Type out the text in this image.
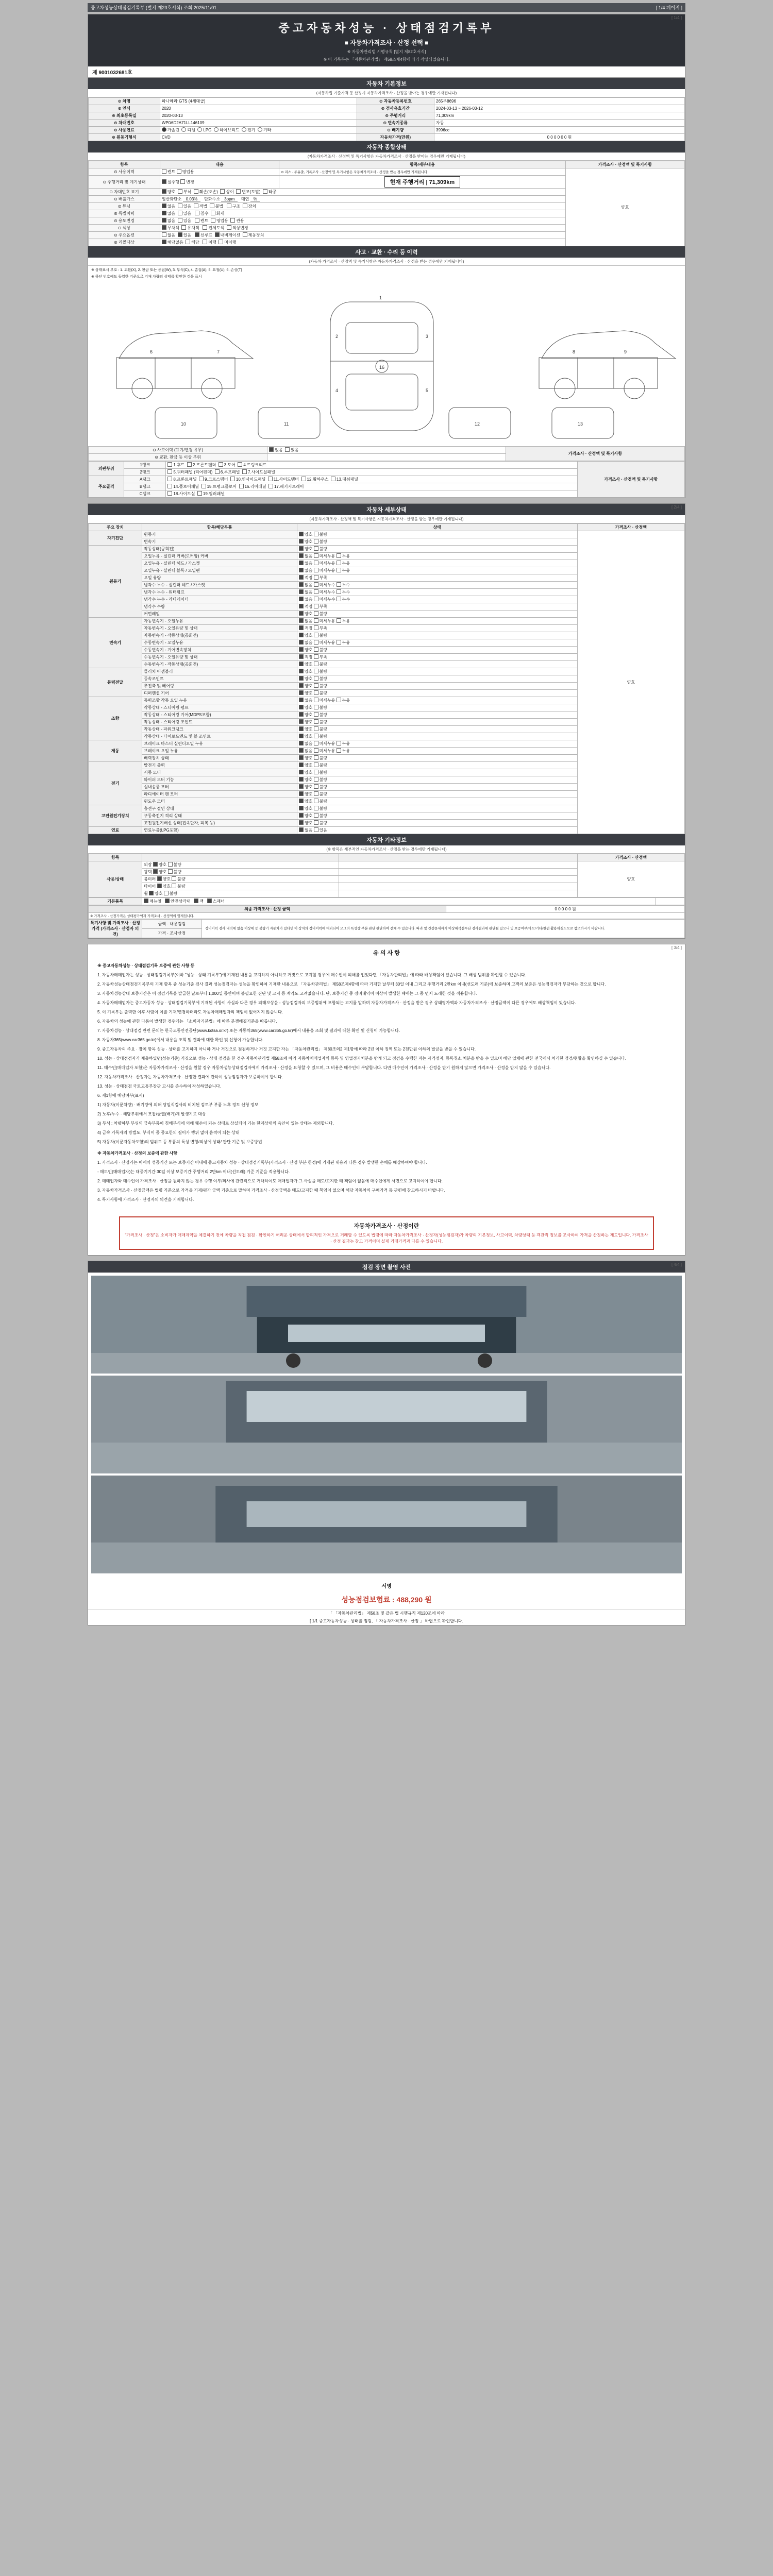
중고차성능상태점검기록부 (별지 제23호서식) 조회 2025/11/01.	[ 1/4 페이지 ]
[ 1/4 ]
중고자동차성능 · 상태점검기록부
■ 자동차가격조사 · 산정 선택 ■
※ 자동차관리법 시행규칙 [별지 제82호서식]
※ 이 기록부는 「자동차관리법」 제58조제4항에 따라 작성되었습니다.
제 9001032681호
자동차 기본정보
(자동차법 기준가격 등 산정시 자동차가격조사 · 산정을 받아는 경우에만 기재됩니다)
⊙ 차명	파나메라 GTS (4세대급)	⊙ 자동차등록번호	265무8696
⊙ 연식	2020	⊙ 검사유효기간	2024-03-13 ~ 2026-03-12
⊙ 최초등록일	2020-03-13	⊙ 주행거리	71,309km
⊙ 차대번호	WP0AD2A71LL146109	⊙ 변속기종류	자동
⊙ 사용연료	가솔린 디젤 LPG 하이브리드 전기 기타	⊙ 배기량	3996cc
⊙ 원동기형식	CVD	자동차가격(만원)	0 0 0 0 0 0 원
자동차 종합상태
(자동차가격조사 · 산정액 및 특기사항은 자동차가격조사 · 산정을 받아는 경우에만 기재됩니다)
항목	내용	항목/세부내용	가격조사 · 산정액 및 특기사항
⊙ 사용이력	렌트 영업용	⊙ 리스 · 주유출, 기록조사 · 산정액 및 특기사항은 자동차가격조사 · 산정을 받는 경우에만 기재됩니다	양호

⊙ 주행거리 및 계기상태	실주행 변경	현재 주행거리 | 71,309km	
⊙ 차대번호 표기	양호 부식 훼손(오손) 상이 변조(도말) 타공		
⊙ 배출가스	일산화탄소 0.03% 탄화수소 3ppm 매연 %		
⊙ 튜닝	없음 있음 적법 불법 구조 장치		
⊙ 특별이력	없음 있음 침수 화재		
⊙ 용도변경	없음 있음 렌트 영업용 관용		
⊙ 색상	무채색 유채색 전체도색 색상변경		
⊙ 주요옵션	없음 있음 선루프 내비게이션 제동장치		
⊙ 리콜대상	해당없음 해당 이행 미이행		
사고 · 교환 · 수리 등 이력
(자동차 가격조사 · 산정액 및 특기사항은 자동차가격조사 · 산정을 받는 경우에만 기재됩니다)
※ 상태표시 부호 : 1. 교환(X), 2. 판금 또는 용접(W), 3. 부식(C), 4. 흠집(A), 5. 요철(U), 6. 손상(T)
※ 하단 번호에도 동일한 기준으로 기재 차량의 상태를 확인한 것을 표시
1
2	3
16
4	5
6	7	8	9
10	11	12	13
⊙ 사고이력 (표기/변경 유무)	없음 있음	가격조사 · 산정액 및 특기사항
⊙ 교환, 판금 등 이상 부위		
외판부위	1랭크	1.후드 2.프론트펜더 3.도어 4.트렁크리드	가격조사 · 산정액 및 특기사항
	2랭크	5.쿼터패널 (리어펜더) 6.루프패널 7.사이드실패널	
주요골격	A랭크	8.프론트패널 9.크로스맴버 10.인사이드패널 11.사이드맴버 12.휠하우스 13.대쉬패널	
	B랭크	14.플로어패널 15.트렁크플로어 16.리어패널 17.패키지트레이	
	C랭크	18.사이드실 19.필러패널	
[ 2/4 ]
자동차 세부상태
(자동차가격조사 · 산정액 및 특기사항은 자동차가격조사 · 산정을 받는 경우에만 기재됩니다)
주요 장치	항목/해당부품	상태	가격조사 · 산정액
자기진단	원동기	양호 불량	양호
	변속기	양호 불량	
원동기	작동상태(공회전)	양호 불량	
	오일누유 - 실린더 커버(로커암) 커버	없음 미세누유 누유	
	오일누유 - 실린더 헤드 / 가스켓	없음 미세누유 누유	
	오일누유 - 실린더 블록 / 오일팬	없음 미세누유 누유	
	오일 유량	적정 부족	
	냉각수 누수 - 실린더 헤드 / 가스켓	없음 미세누수 누수	
	냉각수 누수 - 워터펌프	없음 미세누수 누수	
	냉각수 누수 - 라디에이터	없음 미세누수 누수	
	냉각수 수량	적정 부족	
	커먼레일	양호 불량	
변속기	자동변속기 - 오일누유	없음 미세누유 누유	
	자동변속기 - 오일유량 및 상태	적정 부족	
	자동변속기 - 작동상태(공회전)	양호 불량	
	수동변속기 - 오일누유	없음 미세누유 누유	
	수동변속기 - 기어변속장치	양호 불량	
	수동변속기 - 오일유량 및 상태	적정 부족	
	수동변속기 - 작동상태(공회전)	양호 불량	
동력전달	클러치 어셈블리	양호 불량	
	등속조인트	양호 불량	
	추진축 및 베어링	양호 불량	
	디퍼렌셜 기어	양호 불량	
조향	동력조향 작동 오일 누유	없음 미세누유 누유	
	작동상태 - 스티어링 펌프	양호 불량	
	작동상태 - 스티어링 기어(MDPS포함)	양호 불량	
	작동상태 - 스티어링 조인트	양호 불량	
	작동상태 - 파워크랭크	양호 불량	
	작동상태 - 타이로드엔드 및 볼 조인트	양호 불량	
제동	브레이크 마스터 실린더오일 누유	없음 미세누유 누유	
	브레이크 오일 누유	없음 미세누유 누유	
	배력장치 상태	양호 불량	
전기	발전기 출력	양호 불량	
	시동 모터	양호 불량	
	와이퍼 모터 기능	양호 불량	
	실내송풍 모터	양호 불량	
	라디에이터 팬 모터	양호 불량	
	윈도우 모터	양호 불량	
고전원전기장치	충전구 절연 상태	양호 불량	
	구동축전지 격리 상태	양호 불량	
	고전원전기배선 상태(접속단자, 피복 등)	양호 불량	
연료	연료누출(LPG포함)	없음 있음	
자동차 기타정보
(※ 항목은 세부적인 자동차가격조사 · 산정을 받는 경우에만 기재됩니다)
항목			가격조사 · 산정액
사용/상태	외장 양호 불량		양호
	광택 양호 불량		
	룸미러 양호 불량		
	타이어 양호 불량		
	휠 양호 불량		
기본품목	매뉴얼 안전삼각대 잭 스패너	
최종 가격조사 · 산정 금액	0 0 0 0 0 원
※ 가격조사 · 산정가격은 상태평가액과 가격조사 · 산정액의 합계입니다.
특기사항 및 가격조사 · 산정가격 (가격조사 · 산정자 의견)	금액 · 내용검검	정비이력 검사 내역에 없음 이상에 등 불량기 자동차가 있다면 이 장치의 정비이력에 대외되어 모그의 특성상 부분 판단 판단하여 전체 수 있습니다. 따라 및 건강문제까지 이상해석설무단 검사결과에 판단될 있으니 및 보증여부/마모/기타/한편 활용하셨도으로 참조하시기 바랍니다.
가격 · 조사산정
[ 3/4 ]
유 의 사 항

※ 중고자동차성능 · 상태점검기록 보증에 관한 사항 등

1. 자동차매매업자는 성능 · 상태점검기록부(이하 "성능 · 상태 기록부")에 기재된 내용을 고지하지 아니하고 거짓으로 고지할 경우에 매수인이 피해를 입었다면 「자동차관리법」에 따라 배상책임이 있습니다. 그 배상 범위를 확인할 수 있습니다.

2. 자동차성능상태점검기록부의 기재 항목 중 성능기준 검사 결과 성능점검자는 성능을 확인하여 기재한 내용으로 「자동차관리법」 제58조제4항에 따라 기재한 날부터 30일 이내 그리고 주행거리 2만km 이내(선도래 기준)에 보증하며 고객의 보증은 성능점검자가 부담하는 것으로 합니다.

3. 자동차성능상태 보증기간은 이 점검기록을 발급한 날로부터 1,000일 동안이며 불필요한 진단 및 고지 등 계약도 고려없습니다. 단, 보증기간 중 정비내역이 이상이 발생한 때에는 그 중 먼저 도래한 것을 적용합니다.

4. 자동차매매업자는 중고자동차 성능 · 상태점검기록부에 기재된 사항이 사실과 다른 경우 피해보상을 - 성능점검자의 보증범위에 포함되는 고지를 말하며 자동차가격조사 · 산정을 받은 경우 상태평가액과 자동차가격조사 · 산정금액이 다른 경우에도 배상책임이 있습니다.

5. 이 기록부는 출력한 이후 사람이 이를 기재/변경하더라도 자동차매매업자의 책임이 없어지지 않습니다.

6. 자동차의 성능에 관한 다툼이 발생한 경우에는 「소비자기본법」에 따른 분쟁해결기준을 따릅니다.

7. 자동차성능 · 상태점검 관련 문의는 한국교통안전공단(www.kotsa.or.kr) 또는 자동차365(www.car365.go.kr)에서 내용을 조회 및 결과에 대한 확인 및 신청이 가능합니다.

8. 자동차365(www.car365.go.kr)에서 내용을 조회 및 결과에 대한 확인 및 신청이 가능합니다.

9. 중고자동차의 주요 · 장치 항목 성능 · 상태를 고지하지 아니하 거나 거짓으로 점검하거나 거짓 고지한 자는 「자동차관리법」 제80조의2 제1항에 따라 2년 이하 징역 또는 2천만원 이하의 벌금을 받을 수 있습니다.

10. 성능 · 상태점검자가 제출하였던(성능기준) 거짓으로 성능 · 상태 점검을 한 경우 자동차관리법 제58조에 따라 자동차매매업자의 등록 및 영업정지처분을 받게 되고 점검을 수행한 자는 자격정지, 등록취소 처분을 받을 수 있으며 해당 업체에 관한 전국에서 처리한 점검/현황을 확인하실 수 있습니다.

11. 매수인(매매업자 포함)은 자동차가격조사 · 산정을 원할 경우 자동차성능상태점검자에게 가격조사 · 산정을 요청할 수 있으며, 그 비용은 매수인이 부담합니다. 다만 매수인이 가격조사 · 산정을 받기 원하지 않으면 가격조사 · 산정을 받지 않을 수 있습니다.

12. 자동차가격조사 · 산정자는 자동차가격조사 · 산정한 결과에 관하여 성능점검자가 보증하여야 합니다.

13. 성능 · 상태점검 국토교통부장관 고시를 준수하여 작성하였습니다.

6. 제1항에 해당여부(표시)

1) 자동차(이륜차량) · 배기량에 의해 당일식검사의 비치된 검토부 부품 노후 정도 신청 정보

2) 노후/누수 · 해당부위에서 모잡/균열(배기)계 발생기로 대상

3) 부식 : 차량하부 부위의 금속부품이 침해부식에 의해 훼손이 되는 상태로 상실되어 기능 한계상태의 육안이 있는 상태는 제외합니다.

4) 금속 기록자의 방법도, 부식이 중 중요한의 길이가 행위 없이 흠적이 되는 상태

5) 자동차(이륜자동차포함)의 범위도 등 부품의 특성 변형/외상에 상태/ 판단 기준 및 보증방법

※ 자동차가격조사 · 산정의 보증에 관한 사항

1. 가격조사 · 산정가는 이에의 성공기간 또는 보증기간 이내에 중고자동차 성능 · 상태점검기록부(가격조사 · 산정 부분 한정)에 기재된 내용과 다른 경우 발생한 손해를 배상하여야 합니다.

- 매도인(매매업자)는 대중기기간 30일 이상 보증기간 주행거리 2만km 이내(선도래) 기준 기준을 적용합니다.

2. 매매업자와 매수인이 가격조사 · 산정을 원하지 않는 경우 수행 여부/의사에 관련적으로 거래하여도 매매업자가 그 사실을 매도/고지한 때 책임이 없음에 매수인에게 서면으로 고지하여야 합니다.

3. 자동차가격조사 · 산정금액은 법령 기준으로 가격을 기재/평가 금액 기준으로 말하며 가격조사 · 산정금액을 매도/고지한 때 책임이 없으며 해당 자동차의 구매가격 등 관련해 참고하시기 바랍니다.

4. 특기사항에 가격조사 · 산정자의 의견을 기재합니다.

자동차가격조사 · 산정이란
"가격조사 · 산정"은 소비자가 매매계약을 체결하기 전에 차량을 직접 점검 · 확인하기 어려운 상태에서 합리적인 가격으로 거래할 수 있도록 법령에 따라 자동차가격조사 · 산정자(성능점검자)가 차량의 기본정보, 사고이력, 차량상태 등 객관적 정보를 조사하여 가격을 산정하는 제도입니다. 가격조사 · 산정 결과는 참고 가격이며 실제 거래가격과 다를 수 있습니다.
[ 4/4 ]
점검 장면 촬영 사진
서명
성능점검보험료 : 488,290 원
「 「자동차관리법」 제58조 및 같은 법 시행규칙 제120조에 따라
[ 1/1 중고자동차성능 · 상태를 점검, 「 자동차가격조사 · 산정 」 바랍으로 확인합니다.
